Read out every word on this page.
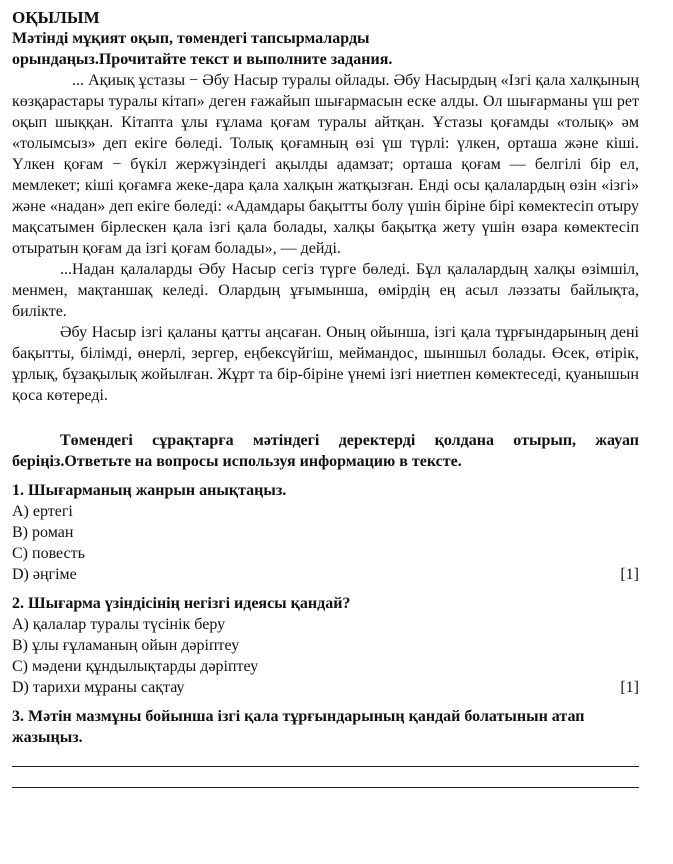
ОҚЫЛЫМ
Мәтінді мұқият оқып, төмендегі тапсырмаларды
орындаңыз.Прочитайте текст и выполните задания.

... Ақиық ұстазы − Әбу Насыр туралы ойлады. Әбу Насырдың «Ізгі қала халқының көзқарастары туралы кітап» деген ғажайып шығармасын еске алды. Ол шығарманы үш рет оқып шыққан. Кітапта ұлы ғұлама қоғам туралы айтқан. Ұстазы қоғамды «толық» әм «толымсыз» деп екіге бөледі. Толық қоғамның өзі үш түрлі: үлкен, орташа және кіші. Үлкен қоғам − бүкіл жержүзіндегі ақылды адамзат; орташа қоғам — белгілі бір ел, мемлекет; кіші қоғамға жеке-дара қала халқын жатқызған. Енді осы қалалардың өзін «ізгі» және «надан» деп екіге бөледі: «Адамдары бақытты болу үшін біріне бірі көмектесіп отыру мақсатымен бірлескен қала ізгі қала болады, халқы бақытқа жету үшін өзара көмектесіп отыратын қоғам да ізгі қоғам болады», — дейді.

...Надан қалаларды Әбу Насыр сегіз түрге бөледі. Бұл қалалардың халқы өзімшіл, менмен, мақтаншақ келеді. Олардың ұғымынша, өмірдің ең асыл ләззаты байлықта, билікте.

Әбу Насыр ізгі қаланы қатты аңсаған. Оның ойынша, ізгі қала тұрғындарының дені бақытты, білімді, өнерлі, зергер, еңбексүйгіш, меймандос, шыншыл болады. Өсек, өтірік, ұрлық, бұзақылық жойылған. Жұрт та бір-біріне үнемі ізгі ниетпен көмектеседі, қуанышын қоса көтереді.

Төмендегі сұрақтарға мәтіндегі деректерді қолдана отырып, жауап беріңіз.Ответьте на вопросы используя информацию в тексте.

1. Шығарманың жанрын анықтаңыз.
A) ертегі
B) роман
C) повесть
D) әңгіме	[1]
2. Шығарма үзіндісінің негізгі идеясы қандай?
A) қалалар туралы түсінік беру
B) ұлы ғұламаның ойын дәріптеу
C) мәдени құндылықтарды дәріптеу
D) тарихи мұраны сақтау	[1]
3. Мәтін мазмұны бойынша ізгі қала тұрғындарының қандай болатынын атап жазыңыз.
